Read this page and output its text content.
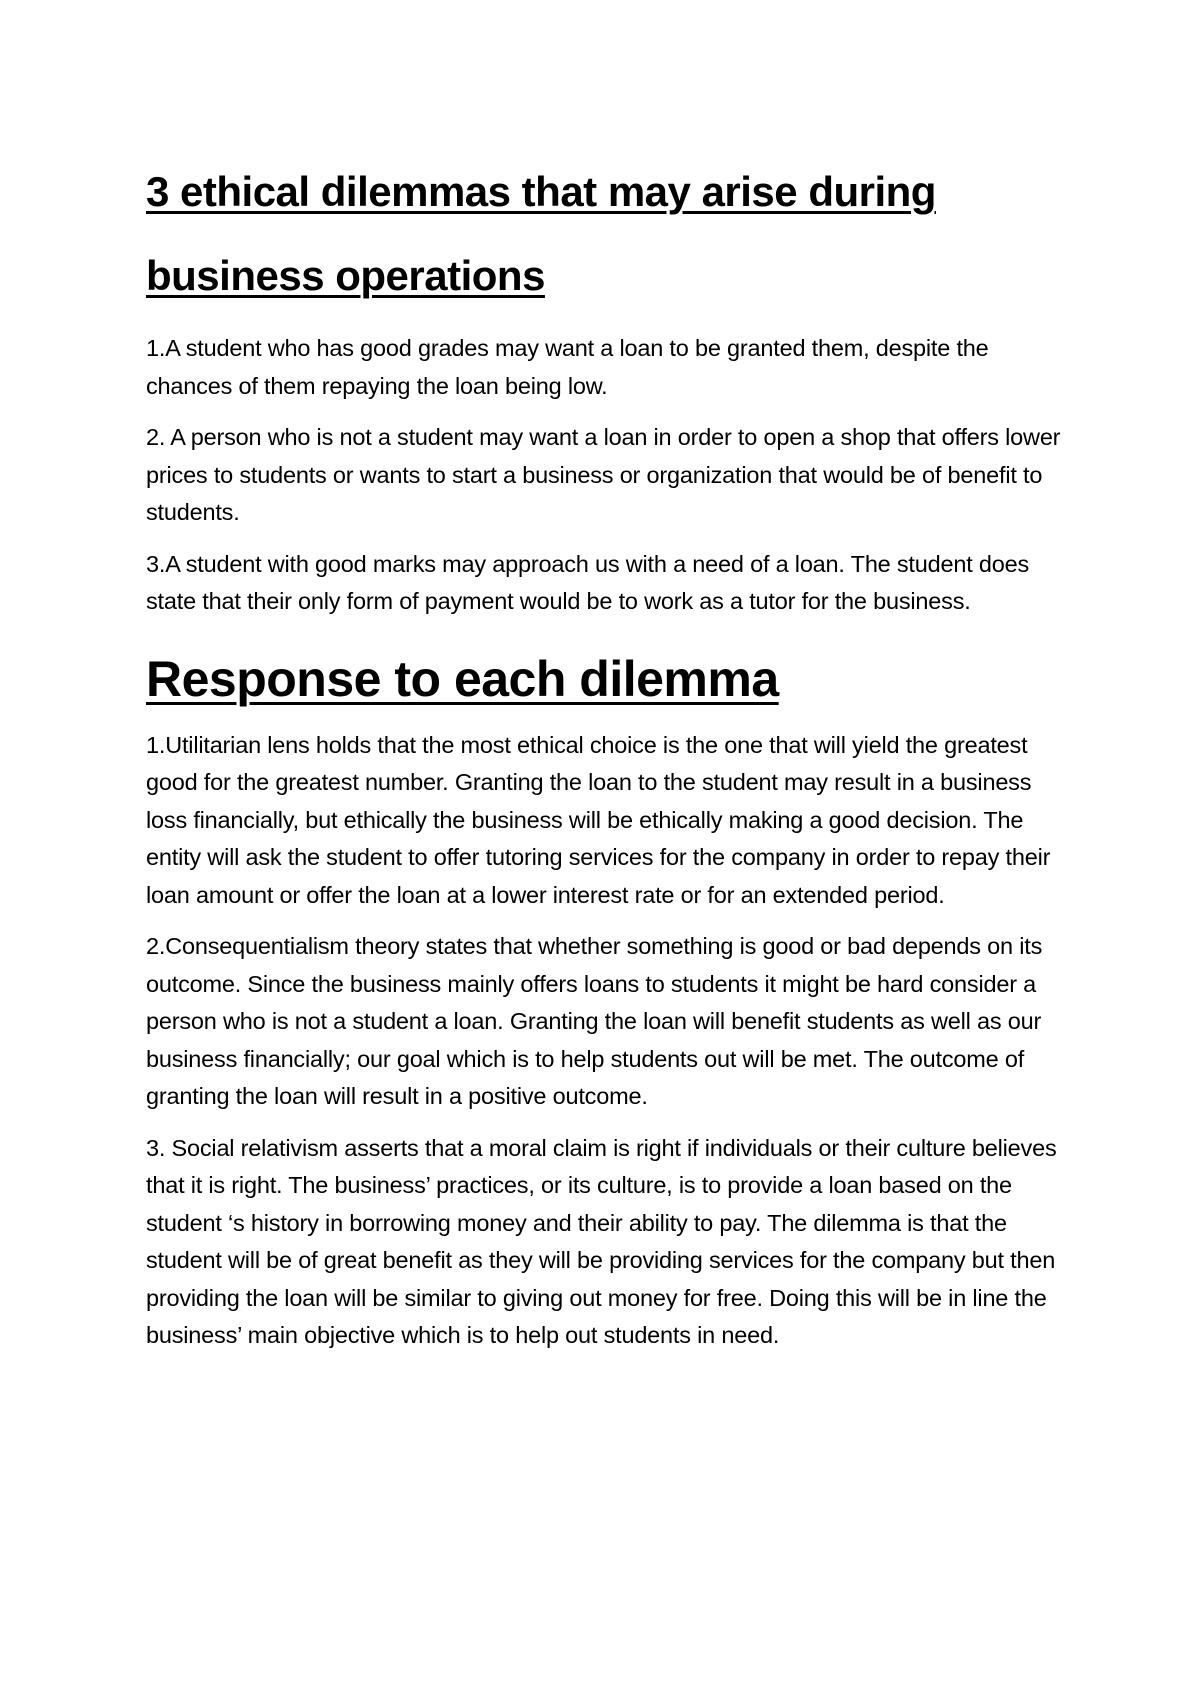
3 ethical dilemmas that may arise during business operations

1.A student who has good grades may want a loan to be granted them, despite the chances of them repaying the loan being low.

2. A person who is not a student may want a loan in order to open a shop that offers lower prices to students or wants to start a business or organization that would be of benefit to students.

3.A student with good marks may approach us with a need of a loan. The student does state that their only form of payment would be to work as a tutor for the business.

Response to each dilemma

1.Utilitarian lens holds that the most ethical choice is the one that will yield the greatest good for the greatest number. Granting the loan to the student may result in a business loss financially, but ethically the business will be ethically making a good decision. The entity will ask the student to offer tutoring services for the company in order to repay their loan amount or offer the loan at a lower interest rate or for an extended period.

2.Consequentialism theory states that whether something is good or bad depends on its outcome. Since the business mainly offers loans to students it might be hard consider a person who is not a student a loan. Granting the loan will benefit students as well as our business financially; our goal which is to help students out will be met. The outcome of granting the loan will result in a positive outcome.

3. Social relativism asserts that a moral claim is right if individuals or their culture believes that it is right. The business’ practices, or its culture, is to provide a loan based on the student ‘s history in borrowing money and their ability to pay. The dilemma is that the student will be of great benefit as they will be providing services for the company but then providing the loan will be similar to giving out money for free. Doing this will be in line the business’ main objective which is to help out students in need.
